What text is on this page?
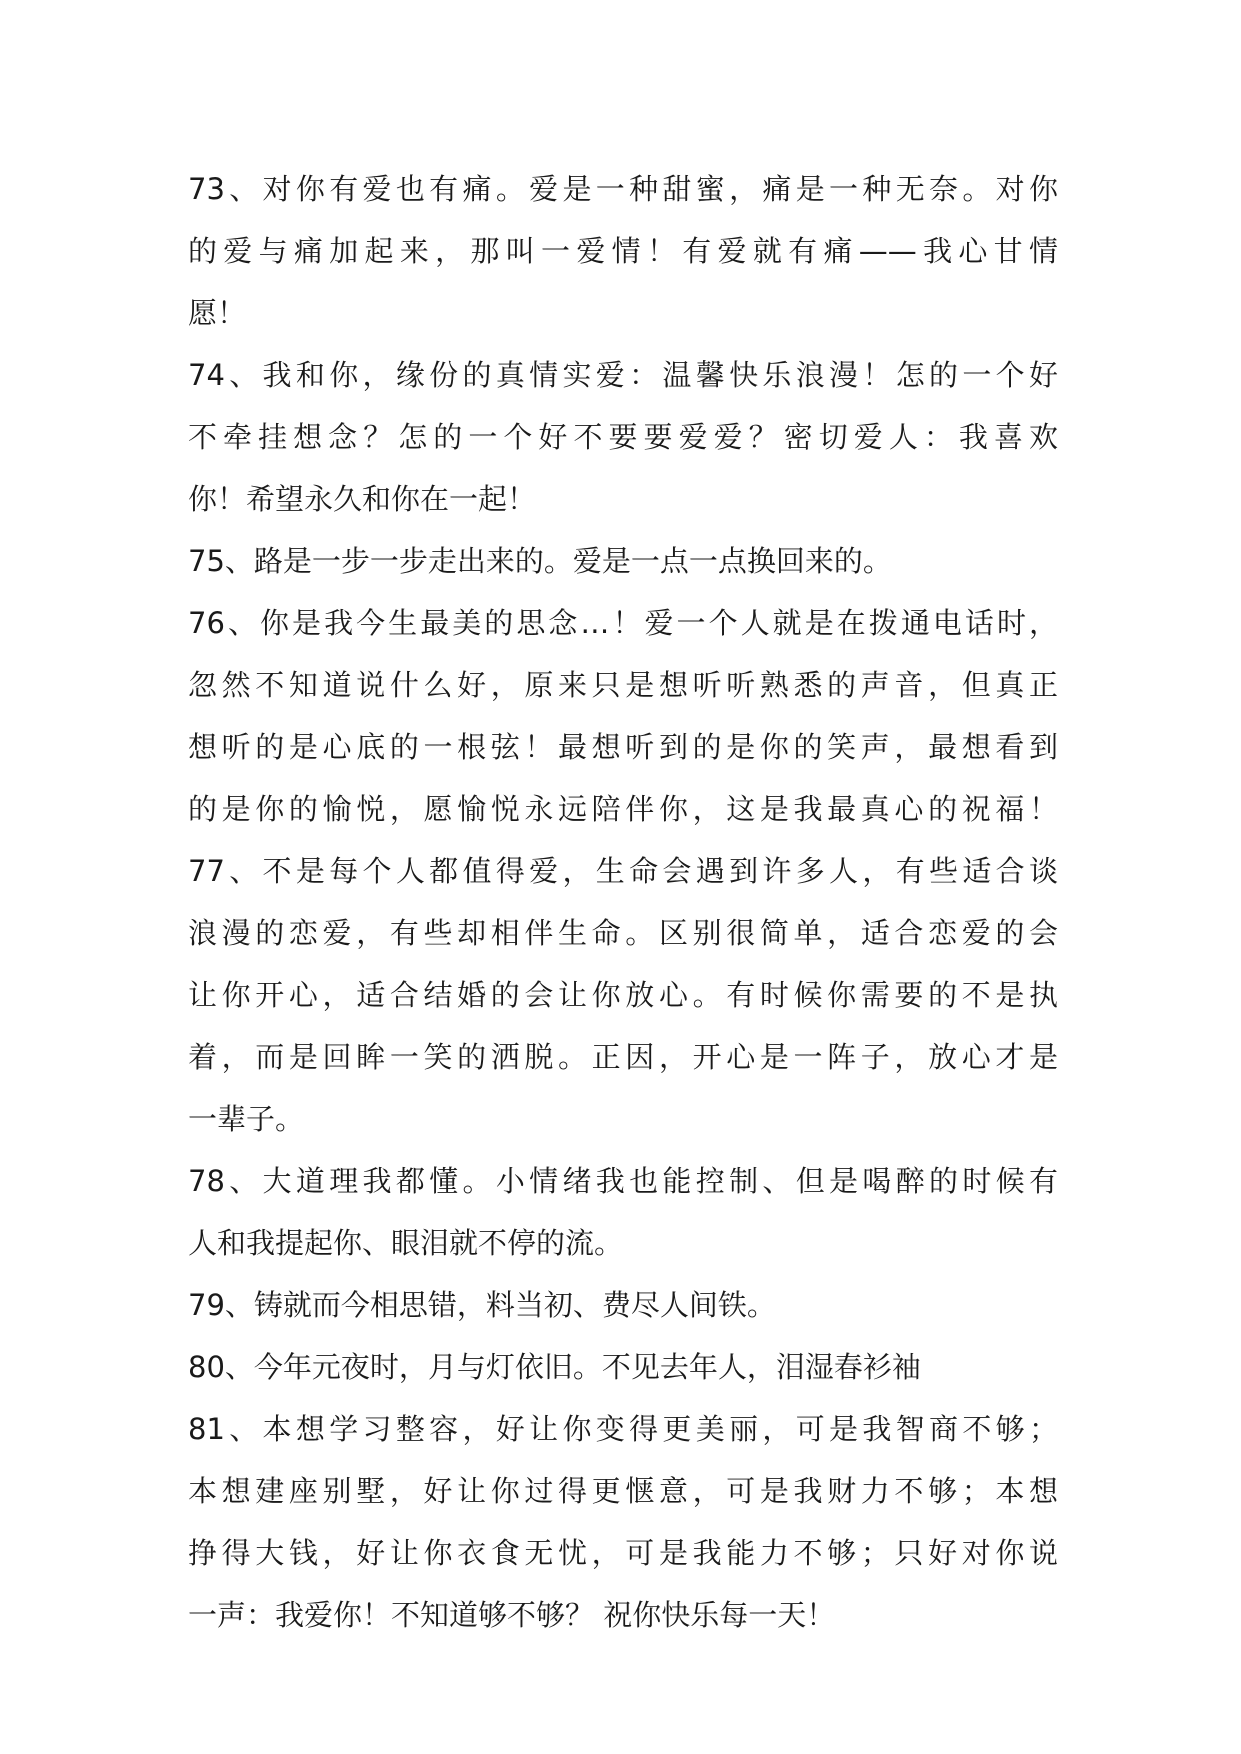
73、对你有爱也有痛。爱是一种甜蜜，痛是一种无奈。对你
的爱与痛加起来，那叫一爱情！有爱就有痛——我心甘情
愿！
74、我和你，缘份的真情实爱：温馨快乐浪漫！怎的一个好
不牵挂想念？怎的一个好不要要爱爱？密切爱人：我喜欢
你！希望永久和你在一起！
75、路是一步一步走出来的。爱是一点一点换回来的。
76、你是我今生最美的思念…！爱一个人就是在拨通电话时，
忽然不知道说什么好，原来只是想听听熟悉的声音，但真正
想听的是心底的一根弦！最想听到的是你的笑声，最想看到
的是你的愉悦，愿愉悦永远陪伴你，这是我最真心的祝福！
77、不是每个人都值得爱，生命会遇到许多人，有些适合谈
浪漫的恋爱，有些却相伴生命。区别很简单，适合恋爱的会
让你开心，适合结婚的会让你放心。有时候你需要的不是执
着，而是回眸一笑的洒脱。正因，开心是一阵子，放心才是
一辈子。
78、大道理我都懂。小情绪我也能控制、但是喝醉的时候有
人和我提起你、眼泪就不停的流。
79、铸就而今相思错，料当初、费尽人间铁。
80、今年元夜时，月与灯依旧。不见去年人，泪湿春衫袖
81、本想学习整容，好让你变得更美丽，可是我智商不够；
本想建座别墅，好让你过得更惬意，可是我财力不够；本想
挣得大钱，好让你衣食无忧，可是我能力不够；只好对你说
一声：我爱你！不知道够不够？ 祝你快乐每一天！
